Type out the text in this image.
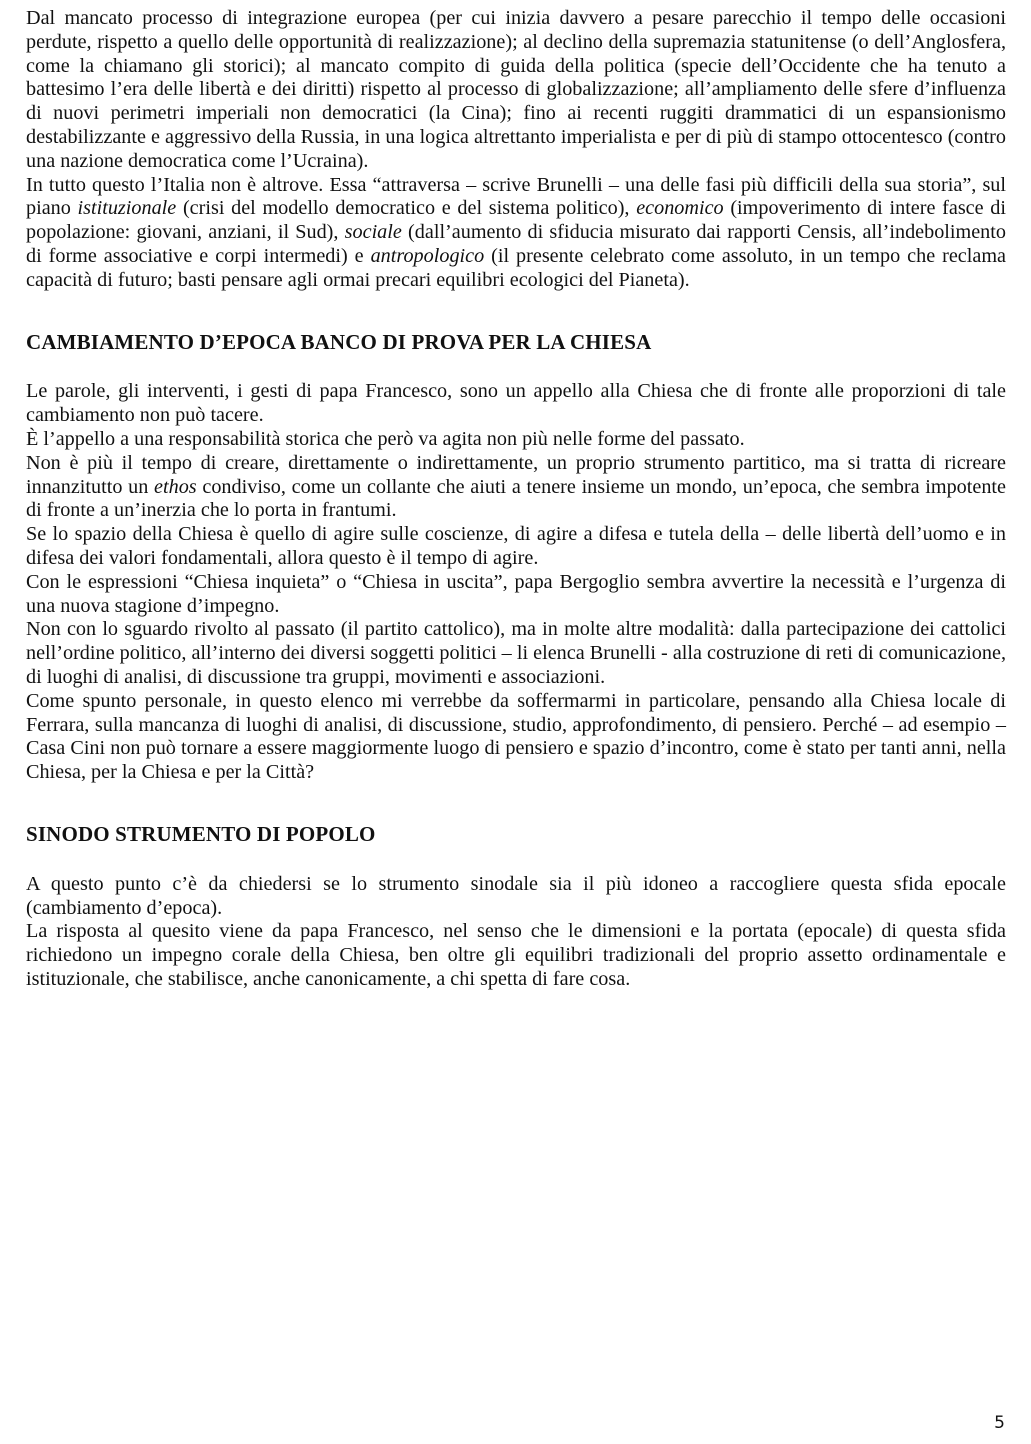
Dal mancato processo di integrazione europea (per cui inizia davvero a pesare parecchio il tempo delle occasioni perdute, rispetto a quello delle opportunità di realizzazione); al declino della supremazia statunitense (o dell’Anglosfera, come la chiamano gli storici); al mancato compito di guida della politica (specie dell’Occidente che ha tenuto a battesimo l’era delle libertà e dei diritti) rispetto al processo di globalizzazione; all’ampliamento delle sfere d’influenza di nuovi perimetri imperiali non democratici (la Cina); fino ai recenti ruggiti drammatici di un espansionismo destabilizzante e aggressivo della Russia, in una logica altrettanto imperialista e per di più di stampo ottocentesco (contro una nazione democratica come l’Ucraina).

In tutto questo l’Italia non è altrove. Essa “attraversa – scrive Brunelli – una delle fasi più difficili della sua storia”, sul piano istituzionale (crisi del modello democratico e del sistema politico), economico (impoverimento di intere fasce di popolazione: giovani, anziani, il Sud), sociale (dall’aumento di sfiducia misurato dai rapporti Censis, all’indebolimento di forme associative e corpi intermedi) e antropologico (il presente celebrato come assoluto, in un tempo che reclama capacità di futuro; basti pensare agli ormai precari equilibri ecologici del Pianeta).

CAMBIAMENTO D’EPOCA BANCO DI PROVA PER LA CHIESA

Le parole, gli interventi, i gesti di papa Francesco, sono un appello alla Chiesa che di fronte alle proporzioni di tale cambiamento non può tacere.

È l’appello a una responsabilità storica che però va agita non più nelle forme del passato.

Non è più il tempo di creare, direttamente o indirettamente, un proprio strumento partitico, ma si tratta di ricreare innanzitutto un ethos condiviso, come un collante che aiuti a tenere insieme un mondo, un’epoca, che sembra impotente di fronte a un’inerzia che lo porta in frantumi.

Se lo spazio della Chiesa è quello di agire sulle coscienze, di agire a difesa e tutela della – delle libertà dell’uomo e in difesa dei valori fondamentali, allora questo è il tempo di agire.

Con le espressioni “Chiesa inquieta” o “Chiesa in uscita”, papa Bergoglio sembra avvertire la necessità e l’urgenza di una nuova stagione d’impegno.

Non con lo sguardo rivolto al passato (il partito cattolico), ma in molte altre modalità: dalla partecipazione dei cattolici nell’ordine politico, all’interno dei diversi soggetti politici – li elenca Brunelli - alla costruzione di reti di comunicazione, di luoghi di analisi, di discussione tra gruppi, movimenti e associazioni.

Come spunto personale, in questo elenco mi verrebbe da soffermarmi in particolare, pensando alla Chiesa locale di Ferrara, sulla mancanza di luoghi di analisi, di discussione, studio, approfondimento, di pensiero. Perché – ad esempio – Casa Cini non può tornare a essere maggiormente luogo di pensiero e spazio d’incontro, come è stato per tanti anni, nella Chiesa, per la Chiesa e per la Città?

SINODO STRUMENTO DI POPOLO

A questo punto c’è da chiedersi se lo strumento sinodale sia il più idoneo a raccogliere questa sfida epocale (cambiamento d’epoca).

La risposta al quesito viene da papa Francesco, nel senso che le dimensioni e la portata (epocale) di questa sfida richiedono un impegno corale della Chiesa, ben oltre gli equilibri tradizionali del proprio assetto ordinamentale e istituzionale, che stabilisce, anche canonicamente, a chi spetta di fare cosa.

5
